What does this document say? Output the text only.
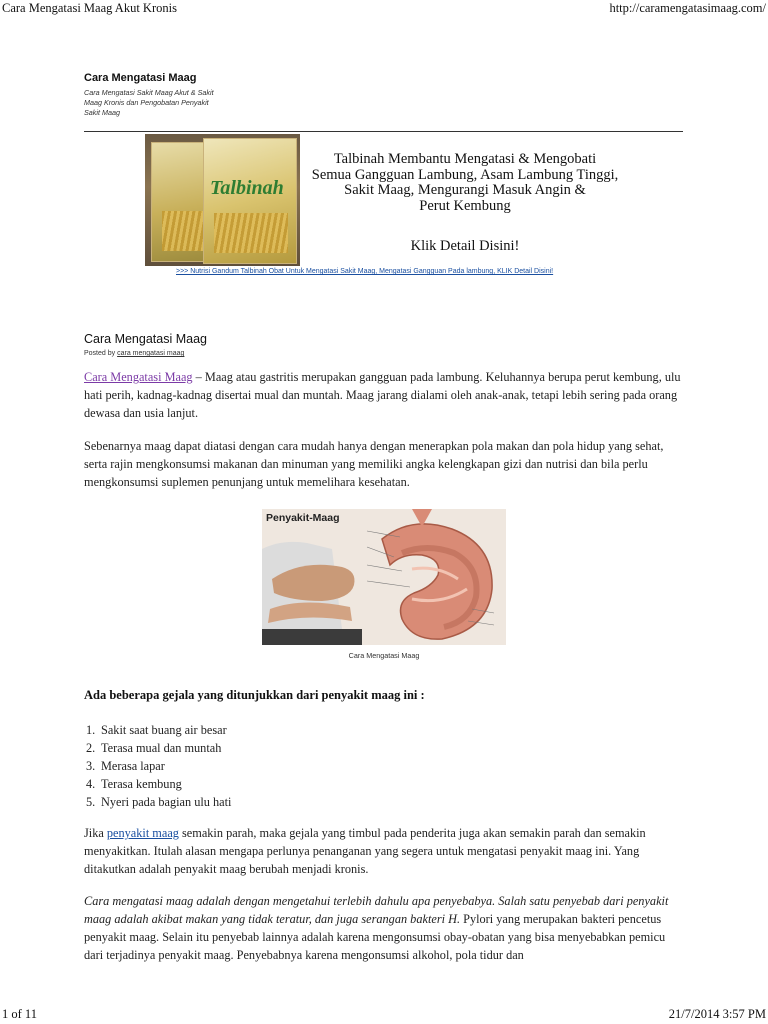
Cara Mengatasi Maag Akut Kronis	http://caramengatasimaag.com/
Cara Mengatasi Maag
Cara Mengatasi Sakit Maag Akut & Sakit Maag Kronis dan Pengobatan Penyakit Sakit Maag
Talbinah
Talbinah Membantu Mengatasi & Mengobati
Semua Gangguan Lambung, Asam Lambung Tinggi,
Sakit Maag, Mengurangi Masuk Angin &
Perut Kembung
Klik Detail Disini!
>>> Nutrisi Gandum Talbinah Obat Untuk Mengatasi Sakit Maag, Mengatasi Gangguan Pada lambung, KLIK Detail Disini!
Cara Mengatasi Maag
Posted by cara mengatasi maag
Cara Mengatasi Maag – Maag atau gastritis merupakan gangguan pada lambung. Keluhannya berupa perut kembung, ulu hati perih, kadnag-kadnag disertai mual dan muntah. Maag jarang dialami oleh anak-anak, tetapi lebih sering pada orang dewasa dan usia lanjut.
Sebenarnya maag dapat diatasi dengan cara mudah hanya dengan menerapkan pola makan dan pola hidup yang sehat, serta rajin mengkonsumsi makanan dan minuman yang memiliki angka kelengkapan gizi dan nutrisi dan bila perlu mengkonsumsi suplemen penunjang untuk memelihara kesehatan.
Penyakit-Maag
Cara Mengatasi Maag
Ada beberapa gejala yang ditunjukkan dari penyakit maag ini :
1. Sakit saat buang air besar
2. Terasa mual dan muntah
3. Merasa lapar
4. Terasa kembung
5. Nyeri pada bagian ulu hati
Jika penyakit maag semakin parah, maka gejala yang timbul pada penderita juga akan semakin parah dan semakin menyakitkan. Itulah alasan mengapa perlunya penanganan yang segera untuk mengatasi penyakit maag ini. Yang ditakutkan adalah penyakit maag berubah menjadi kronis.
Cara mengatasi maag adalah dengan mengetahui terlebih dahulu apa penyebabya. Salah satu penyebab dari penyakit maag adalah akibat makan yang tidak teratur, dan juga serangan bakteri H. Pylori yang merupakan bakteri pencetus penyakit maag. Selain itu penyebab lainnya adalah karena mengonsumsi obay-obatan yang bisa menyebabkan pemicu dari terjadinya penyakit maag. Penyebabnya karena mengonsumsi alkohol, pola tidur dan
1 of 11	21/7/2014 3:57 PM
